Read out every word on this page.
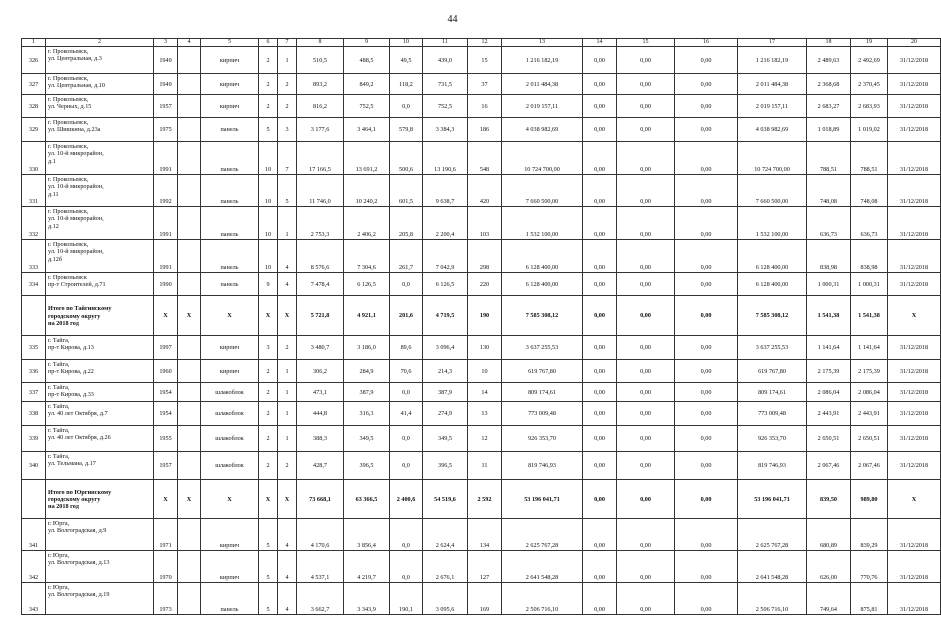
44
1	2	3	4	5	6	7	8	9	10	11	12	13	14	15	16	17	18	19	20
326	г. Прокопьевск,
ул. Центральная, д.3	1949		кирпич	2	1	510,5	488,5	49,5	439,0	15	1 216 182,19	0,00	0,00	0,00	1 216 182,19	2 489,63	2 492,69	31/12/2018
327	г. Прокопьевск,
ул. Центральная, д.10	1949		кирпич	2	2	893,2	849,2	118,2	731,5	37	2 011 484,38	0,00	0,00	0,00	2 011 484,38	2 368,68	2 370,45	31/12/2018
328	г. Прокопьевск,
ул. Черных, д.15	1957		кирпич	2	2	816,2	752,5	0,0	752,5	16	2 019 157,11	0,00	0,00	0,00	2 019 157,11	2 683,27	2 683,93	31/12/2018
329	г. Прокопьевск,
ул. Шишкина, д.23а	1975		панель	5	3	3 177,6	3 464,1	579,8	3 384,3	186	4 038 982,69	0,00	0,00	0,00	4 038 982,69	1 018,89	1 019,02	31/12/2018
330	г. Прокопьевск,
ул. 10-й микрорайон,
д.1	1991		панель	10	7	17 166,5	13 691,2	500,6	13 190,6	548	10 724 700,00	0,00	0,00	0,00	10 724 700,00	788,51	788,51	31/12/2018
331	г. Прокопьевск,
ул. 10-й микрорайон,
д.11	1992		панель	10	5	11 746,0	10 240,2	601,5	9 638,7	420	7 660 500,00	0,00	0,00	0,00	7 660 500,00	748,08	748,08	31/12/2018
332	г. Прокопьевск,
ул. 10-й микрорайон,
д.12	1991		панель	10	1	2 753,3	2 406,2	205,8	2 200,4	103	1 532 100,00	0,00	0,00	0,00	1 532 100,00	636,73	636,73	31/12/2018
333	г. Прокопьевск,
ул. 10-й микрорайон,
д.12б	1991		панель	10	4	8 576,6	7 304,6	261,7	7 042,9	298	6 128 400,00	0,00	0,00	0,00	6 128 400,00	838,98	838,98	31/12/2018
334	г. Прокопьевск
пр-т Строителей, д.71	1990		панель	9	4	7 478,4	6 126,5	0,0	6 126,5	220	6 128 400,00	0,00	0,00	0,00	6 128 400,00	1 000,31	1 000,31	31/12/2018
	Итого по Тайгинскому
городскому округу
на 2018 год	X	X	X	X	X	5 721,8	4 921,1	201,6	4 719,5	190	7 585 308,12	0,00	0,00	0,00	7 585 308,12	1 541,38	1 541,38	X
335	г. Тайга,
пр-т Кирова, д.13	1997		кирпич	3	2	3 480,7	3 186,0	89,6	3 096,4	130	3 637 255,53	0,00	0,00	0,00	3 637 255,53	1 141,64	1 141,64	31/12/2018
336	г. Тайга,
пр-т Кирова, д.22	1960		кирпич	2	1	306,2	284,9	70,6	214,3	10	619 767,80	0,00	0,00	0,00	619 767,80	2 175,39	2 175,39	31/12/2018
337	г. Тайга,
пр-т Кирова, д.33	1954		шлакоблок	2	1	473,1	387,9	0,0	387,9	14	809 174,61	0,00	0,00	0,00	809 174,61	2 086,04	2 086,04	31/12/2018
338	г. Тайга,
ул. 40 лет Октября, д.7	1954		шлакоблок	2	1	444,8	316,3	41,4	274,9	13	773 009,48	0,00	0,00	0,00	773 009,48	2 443,91	2 443,91	31/12/2018
339	г. Тайга,
ул. 40 лет Октября, д.26	1955		шлакоблок	2	1	388,3	349,5	0,0	349,5	12	926 353,70	0,00	0,00	0,00	926 353,70	2 650,51	2 650,51	31/12/2018
340	г. Тайга,
ул. Тельмана, д.17	1957		шлакоблок	2	2	428,7	396,5	0,0	396,5	11	819 746,93	0,00	0,00	0,00	819 746,93	2 067,46	2 067,46	31/12/2018
	Итого по Юргинскому
городскому округу
на 2018 год	X	X	X	X	X	73 668,1	63 366,5	2 400,6	54 519,6	2 592	53 196 041,71	0,00	0,00	0,00	53 196 041,71	839,50	989,80	X
341	г. Юрга,
ул. Волгоградская, д.9	1971		кирпич	5	4	4 170,6	3 856,4	0,0	2 624,4	134	2 625 767,28	0,00	0,00	0,00	2 625 767,28	680,89	839,29	31/12/2018
342	г. Юрга,
ул. Волгоградская, д.13	1970		кирпич	5	4	4 537,1	4 219,7	0,0	2 676,1	127	2 641 548,28	0,00	0,00	0,00	2 641 548,28	626,00	770,76	31/12/2018
343	г. Юрга,
ул. Волгоградская, д.19	1973		панель	5	4	3 662,7	3 343,9	190,1	3 095,6	169	2 506 716,10	0,00	0,00	0,00	2 506 716,10	749,64	875,81	31/12/2018
